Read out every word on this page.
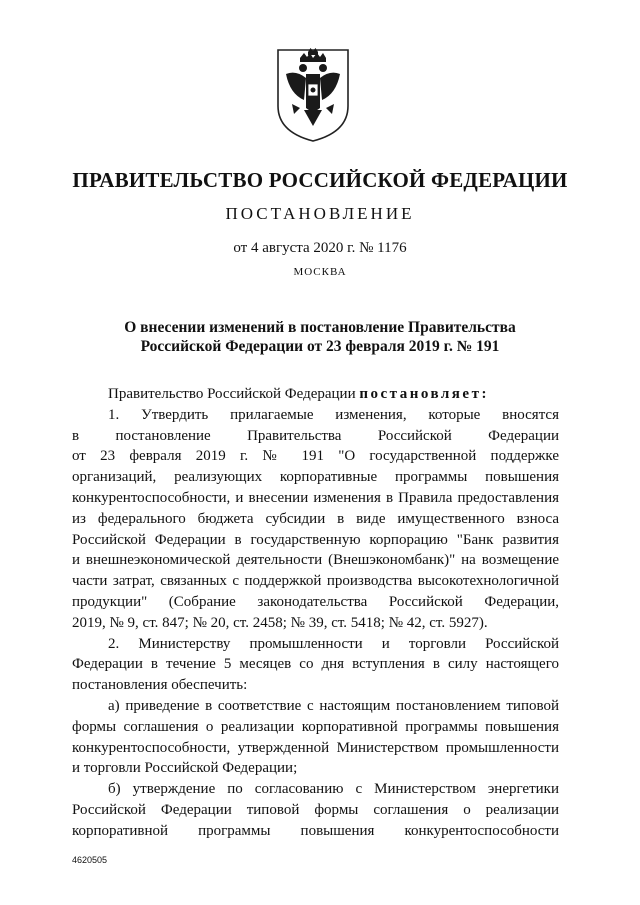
ПРАВИТЕЛЬСТВО РОССИЙСКОЙ ФЕДЕРАЦИИ
ПОСТАНОВЛЕНИЕ
от 4 августа 2020 г. № 1176
МОСКВА
О внесении изменений в постановление Правительства
Российской Федерации от 23 февраля 2019 г. № 191
Правительство Российской Федерации постановляет:
1. Утвердить прилагаемые изменения, которые вносятся
в постановление Правительства Российской Федерации
от 23 февраля 2019 г. № 191 "О государственной поддержке
организаций, реализующих корпоративные программы повышения
конкурентоспособности, и внесении изменения в Правила предоставления
из федерального бюджета субсидии в виде имущественного взноса
Российской Федерации в государственную корпорацию "Банк развития
и внешнеэкономической деятельности (Внешэкономбанк)" на возмещение
части затрат, связанных с поддержкой производства высокотехнологичной
продукции" (Собрание законодательства Российской Федерации,
2019, № 9, ст. 847; № 20, ст. 2458; № 39, ст. 5418; № 42, ст. 5927).
2. Министерству промышленности и торговли Российской
Федерации в течение 5 месяцев со дня вступления в силу настоящего
постановления обеспечить:
а) приведение в соответствие с настоящим постановлением типовой
формы соглашения о реализации корпоративной программы повышения
конкурентоспособности, утвержденной Министерством промышленности
и торговли Российской Федерации;
б) утверждение по согласованию с Министерством энергетики
Российской Федерации типовой формы соглашения о реализации
корпоративной программы повышения конкурентоспособности
4620505
